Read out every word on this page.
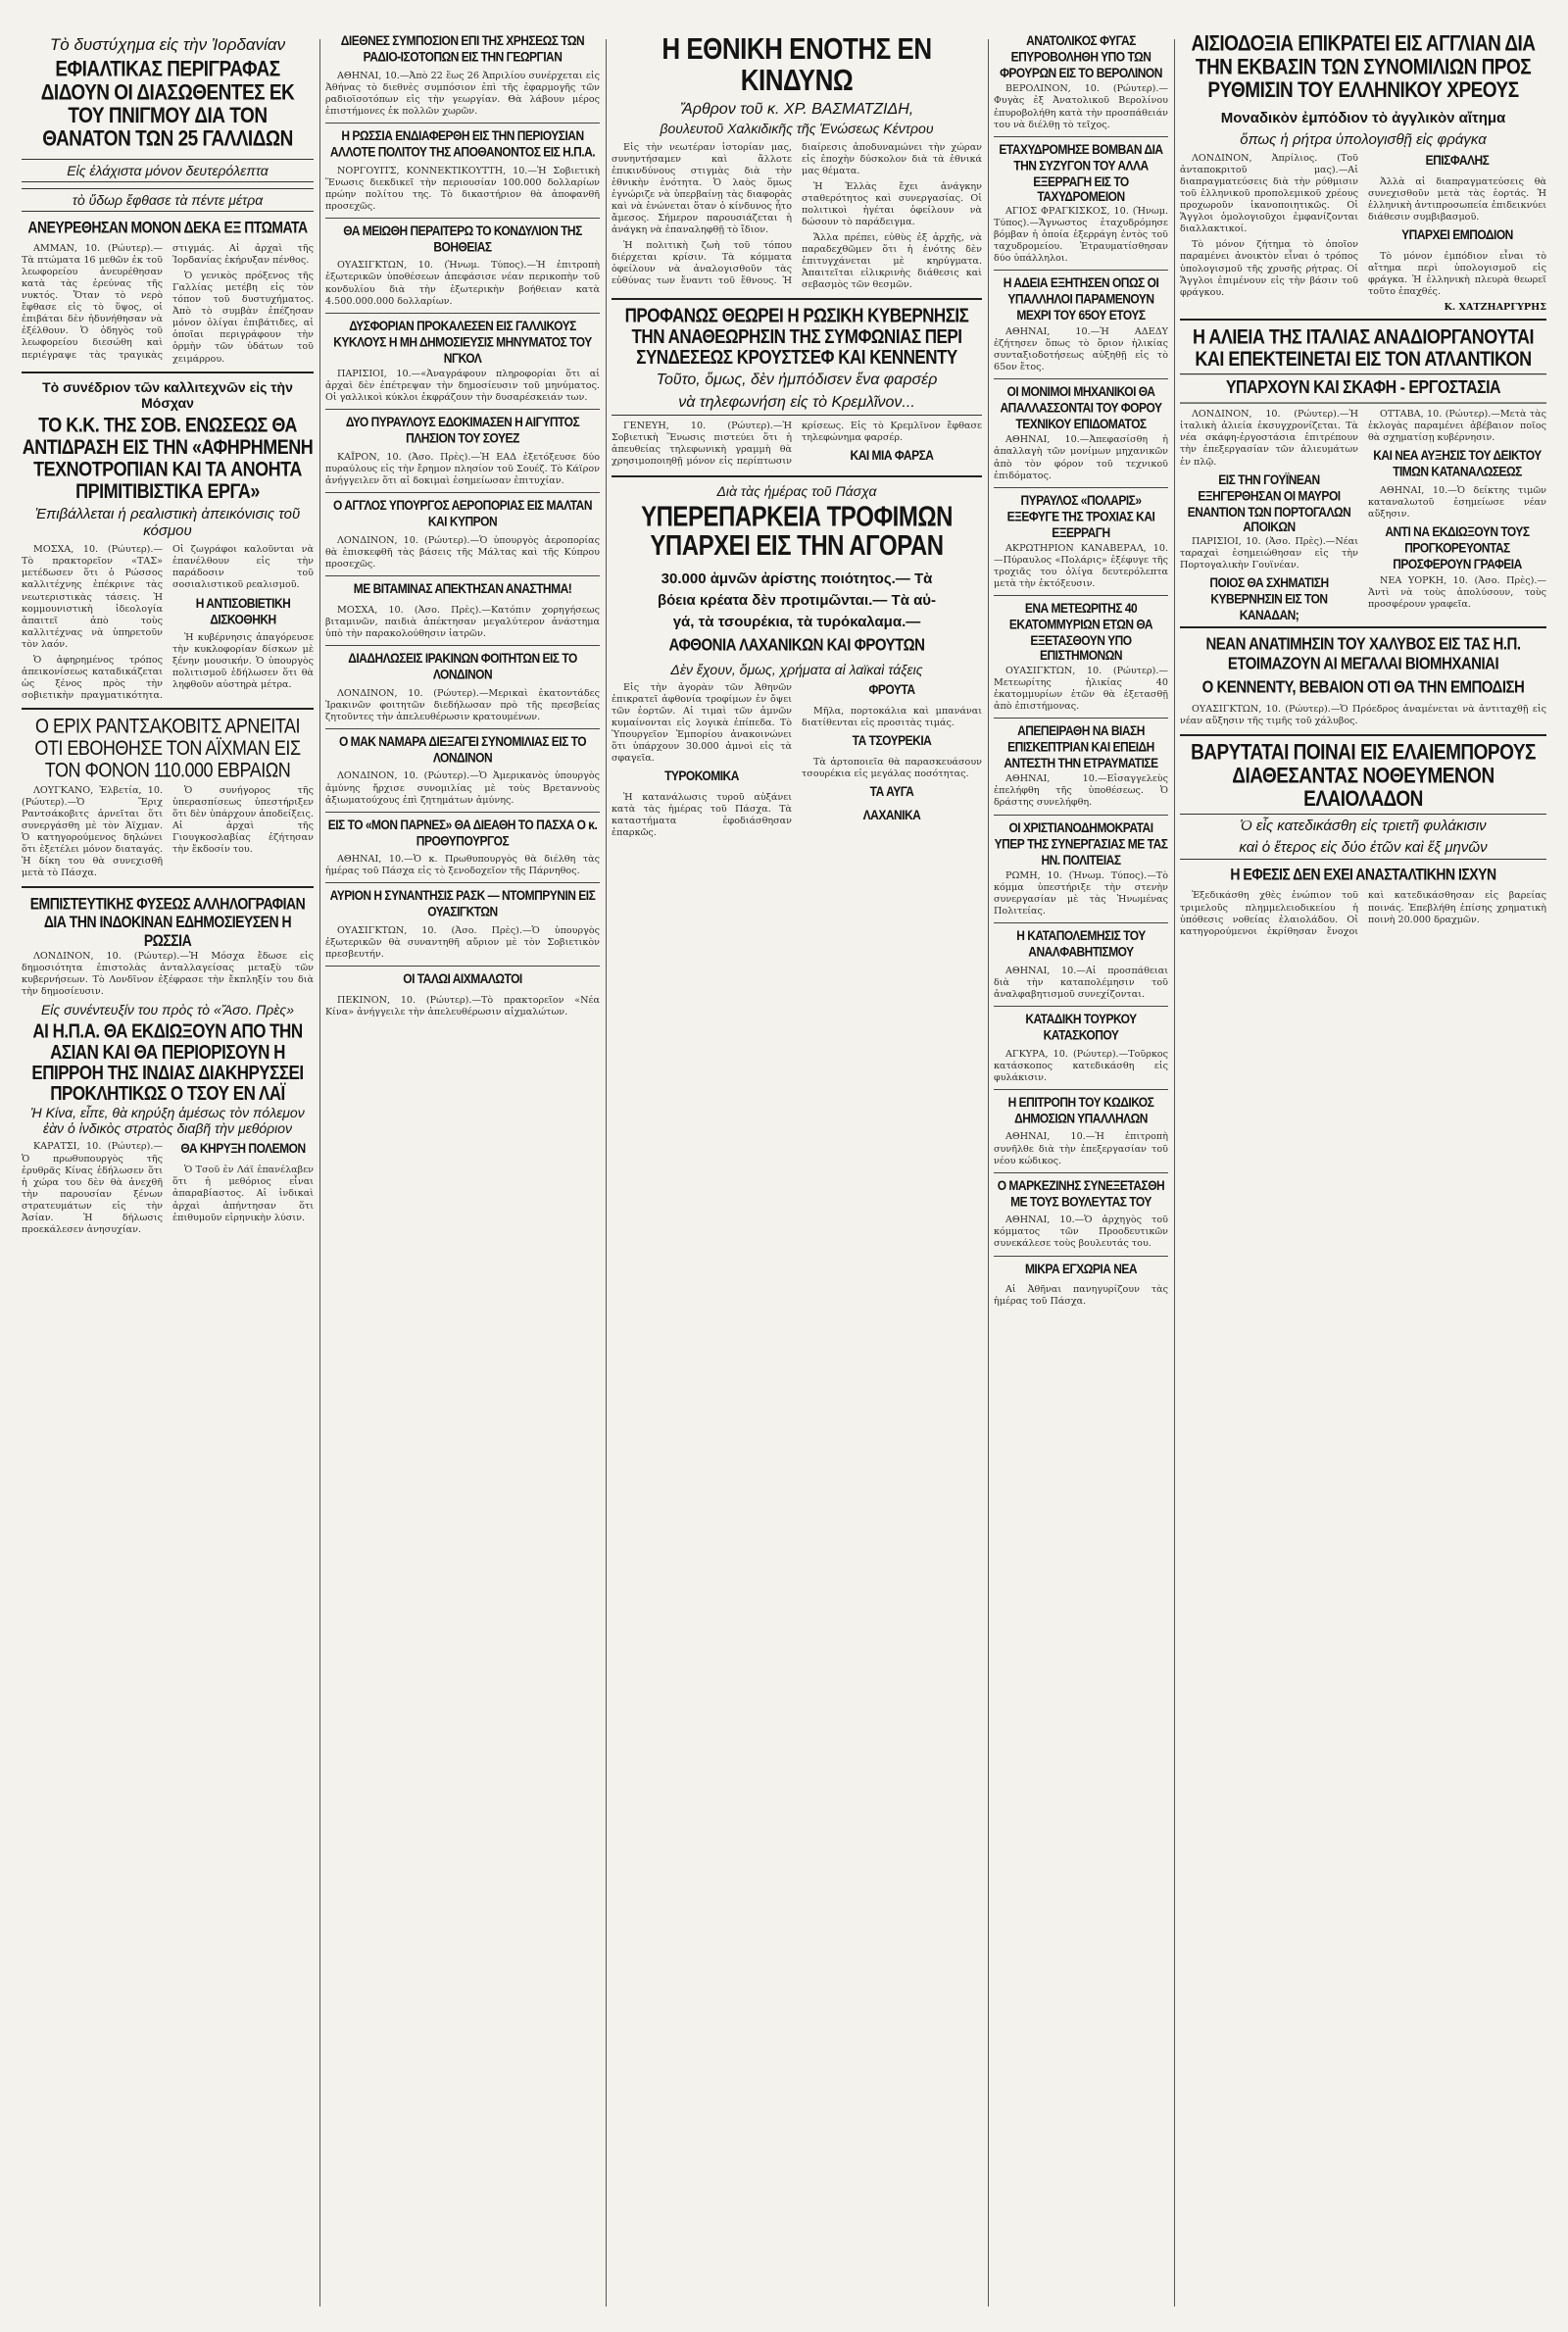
Τὸ δυστύχημα εἰς τὴν Ἰορδανίαν
ΕΦΙΑΛΤΙΚΑΣ ΠΕΡΙΓΡΑΦΑΣ ΔΙΔΟΥΝ ΟΙ ΔΙΑΣΩΘΕΝΤΕΣ ΕΚ ΤΟΥ ΠΝΙΓΜΟΥ ΔΙΑ ΤΟΝ ΘΑΝΑΤΟΝ ΤΩΝ 25 ΓΑΛΛΙΔΩΝ
Εἰς ἐλάχιστα μόνον δευτερόλεπτα
τὸ ὕδωρ ἔφθασε τὰ πέντε μέτρα
ΑΝΕΥΡΕΘΗΣΑΝ ΜΟΝΟΝ ΔΕΚΑ ΕΞ ΠΤΩΜΑΤΑ

ΑΜΜΑΝ, 10. (Ρώυτερ).—Τὰ πτώματα 16 μεθῶν ἐκ τοῦ λεωφορείου ἀνευρέθησαν κατὰ τὰς ἐρεύνας τῆς νυκτός. Ὅταν τὸ νερὸ ἔφθασε εἰς τὸ ὕψος, οἱ ἐπιβάται δὲν ἠδυνήθησαν νὰ ἐξέλθουν. Ὁ ὁδηγὸς τοῦ λεωφορείου διεσώθη καὶ περιέγραψε τὰς τραγικὰς στιγμάς. Αἱ ἀρχαὶ τῆς Ἰορδανίας ἐκήρυξαν πένθος.

Ὁ γενικὸς πρόξενος τῆς Γαλλίας μετέβη εἰς τὸν τόπον τοῦ δυστυχήματος. Ἀπὸ τὸ συμβὰν ἐπέζησαν μόνον ὀλίγαι ἐπιβάτιδες, αἱ ὁποῖαι περιγράφουν τὴν ὁρμὴν τῶν ὑδάτων τοῦ χειμάρρου.

Τὸ συνέδριον τῶν καλλιτεχνῶν εἰς τὴν Μόσχαν
ΤΟ Κ.Κ. ΤΗΣ ΣΟΒ. ΕΝΩΣΕΩΣ ΘΑ ΑΝΤΙΔΡΑΣΗ ΕΙΣ ΤΗΝ «ΑΦΗΡΗΜΕΝΗ ΤΕΧΝΟΤΡΟΠΙΑΝ ΚΑΙ ΤΑ ΑΝΟΗΤΑ ΠΡΙΜΙΤΙΒΙΣΤΙΚΑ ΕΡΓΑ»
Ἐπιβάλλεται ἡ ρεαλιστικὴ ἀπεικόνισις τοῦ κόσμου

ΜΟΣΧΑ, 10. (Ρώυτερ).— Τὸ πρακτορεῖον «ΤΑΣ» μετέδωσεν ὅτι ὁ Ρώσσος καλλιτέχνης ἐπέκρινε τὰς νεωτεριστικὰς τάσεις. Ἡ κομμουνιστικὴ ἰδεολογία ἀπαιτεῖ ἀπὸ τοὺς καλλιτέχνας νὰ ὑπηρετοῦν τὸν λαόν.

Ὁ ἀφηρημένος τρόπος ἀπεικονίσεως καταδικάζεται ὡς ξένος πρὸς τὴν σοβιετικὴν πραγματικότητα. Οἱ ζωγράφοι καλοῦνται νὰ ἐπανέλθουν εἰς τὴν παράδοσιν τοῦ σοσιαλιστικοῦ ρεαλισμοῦ.

Η ΑΝΤΙΣΟΒΙΕΤΙΚΗ ΔΙΣΚΟΘΗΚΗ

Ἡ κυβέρνησις ἀπαγόρευσε τὴν κυκλοφορίαν δίσκων μὲ ξένην μουσικήν. Ὁ ὑπουργὸς πολιτισμοῦ ἐδήλωσεν ὅτι θὰ ληφθοῦν αὐστηρὰ μέτρα.

Ο ΕΡΙΧ ΡΑΝΤΣΑΚΟΒΙΤΣ ΑΡΝΕΙΤΑΙ ΟΤΙ ΕΒΟΗΘΗΣΕ ΤΟΝ ΑΪΧΜΑΝ ΕΙΣ ΤΟΝ ΦΟΝΟΝ 110.000 ΕΒΡΑΙΩΝ

ΛΟΥΓΚΑΝΟ, Ἑλβετία, 10. (Ρώυτερ).—Ὁ Ἔριχ Ραντσάκοβιτς ἀρνεῖται ὅτι συνεργάσθη μὲ τὸν Ἀϊχμαν. Ὁ κατηγορούμενος δηλώνει ὅτι ἐξετέλει μόνον διαταγάς. Ἡ δίκη του θὰ συνεχισθῆ μετὰ τὸ Πάσχα.

Ὁ συνήγορος τῆς ὑπερασπίσεως ὑπεστήριξεν ὅτι δὲν ὑπάρχουν ἀποδείξεις. Αἱ ἀρχαὶ τῆς Γιουγκοσλαβίας ἐζήτησαν τὴν ἔκδοσίν του.

ΕΜΠΙΣΤΕΥΤΙΚΗΣ ΦΥΣΕΩΣ ΑΛΛΗΛΟΓΡΑΦΙΑΝ ΔΙΑ ΤΗΝ ΙΝΔΟΚΙΝΑΝ ΕΔΗΜΟΣΙΕΥΣΕΝ Η ΡΩΣΣΙΑ

ΛΟΝΔΙΝΟΝ, 10. (Ρώυτερ).—Ἡ Μόσχα ἔδωσε εἰς δημοσιότητα ἐπιστολὰς ἀνταλλαγείσας μεταξὺ τῶν κυβερνήσεων. Τὸ Λονδῖνον ἐξέφρασε τὴν ἔκπληξίν του διὰ τὴν δημοσίευσιν.

Εἰς συνέντευξίν του πρὸς τὸ «Ἄσο. Πρὲς»
ΑΙ Η.Π.Α. ΘΑ ΕΚΔΙΩΞΟΥΝ ΑΠΟ ΤΗΝ ΑΣΙΑΝ ΚΑΙ ΘΑ ΠΕΡΙΟΡΙΣΟΥΝ Η ΕΠΙΡΡΟΗ ΤΗΣ ΙΝΔΙΑΣ ΔΙΑΚΗΡΥΣΣΕΙ ΠΡΟΚΛΗΤΙΚΩΣ Ο ΤΣΟΥ ΕΝ ΛΑΪ
Ἡ Κίνα, εἶπε, θὰ κηρύξη ἀμέσως τὸν πόλεμον ἐὰν ὁ ἰνδικὸς στρατὸς διαβῆ τὴν μεθόριον

ΚΑΡΑΤΣΙ, 10. (Ρώυτερ).—Ὁ πρωθυπουργὸς τῆς ἐρυθρᾶς Κίνας ἐδήλωσεν ὅτι ἡ χώρα του δὲν θὰ ἀνεχθῆ τὴν παρουσίαν ξένων στρατευμάτων εἰς τὴν Ἀσίαν. Ἡ δήλωσις προεκάλεσεν ἀνησυχίαν.

ΘΑ ΚΗΡΥΞΗ ΠΟΛΕΜΟΝ

Ὁ Τσοῦ ἐν Λάϊ ἐπανέλαβεν ὅτι ἡ μεθόριος εἶναι ἀπαραβίαστος. Αἱ ἰνδικαὶ ἀρχαὶ ἀπήντησαν ὅτι ἐπιθυμοῦν εἰρηνικὴν λύσιν.

ΔΙΕΘΝΕΣ ΣΥΜΠΟΣΙΟΝ ΕΠΙ ΤΗΣ ΧΡΗΣΕΩΣ ΤΩΝ ΡΑΔΙΟ-ΙΣΟΤΟΠΩΝ ΕΙΣ ΤΗΝ ΓΕΩΡΓΙΑΝ

ΑΘΗΝΑΙ, 10.—Ἀπὸ 22 ἕως 26 Ἀπριλίου συνέρχεται εἰς Ἀθήνας τὸ διεθνὲς συμπόσιον ἐπὶ τῆς ἐφαρμογῆς τῶν ραδιοϊσοτόπων εἰς τὴν γεωργίαν. Θὰ λάβουν μέρος ἐπιστήμονες ἐκ πολλῶν χωρῶν.

Η ΡΩΣΣΙΑ ΕΝΔΙΑΦΕΡΘΗ ΕΙΣ ΤΗΝ ΠΕΡΙΟΥΣΙΑΝ ΑΛΛΟΤΕ ΠΟΛΙΤΟΥ ΤΗΣ ΑΠΟΘΑΝΟΝΤΟΣ ΕΙΣ Η.Π.Α.

ΝΟΡΓΟΥΙΤΣ, ΚΟΝΝΕΚΤΙΚΟΥΤΤΗ, 10.—Ἡ Σοβιετικὴ Ἕνωσις διεκδικεῖ τὴν περιουσίαν 100.000 δολλαρίων πρώην πολίτου της. Τὸ δικαστήριον θὰ ἀποφανθῆ προσεχῶς.

ΘΑ ΜΕΙΩΘΗ ΠΕΡΑΙΤΕΡΩ ΤΟ ΚΟΝΔΥΛΙΟΝ ΤΗΣ ΒΟΗΘΕΙΑΣ

ΟΥΑΣΙΓΚΤΩΝ, 10. (Ἡνωμ. Τύπος).—Ἡ ἐπιτροπὴ ἐξωτερικῶν ὑποθέσεων ἀπεφάσισε νέαν περικοπὴν τοῦ κονδυλίου διὰ τὴν ἐξωτερικὴν βοήθειαν κατὰ 4.500.000.000 δολλαρίων.

ΔΥΣΦΟΡΙΑΝ ΠΡΟΚΑΛΕΣΕΝ ΕΙΣ ΓΑΛΛΙΚΟΥΣ ΚΥΚΛΟΥΣ Η ΜΗ ΔΗΜΟΣΙΕΥΣΙΣ ΜΗΝΥΜΑΤΟΣ ΤΟΥ ΝΓΚΟΛ

ΠΑΡΙΣΙΟΙ, 10.—«Ἀναγράφουν πληροφορίαι ὅτι αἱ ἀρχαὶ δὲν ἐπέτρεψαν τὴν δημοσίευσιν τοῦ μηνύματος. Οἱ γαλλικοὶ κύκλοι ἐκφράζουν τὴν δυσαρέσκειάν των.

ΔΥΟ ΠΥΡΑΥΛΟΥΣ ΕΔΟΚΙΜΑΣΕΝ Η ΑΙΓΥΠΤΟΣ ΠΛΗΣΙΟΝ ΤΟΥ ΣΟΥΕΖ

ΚΑΪΡΟΝ, 10. (Ἀσο. Πρὲς).—Ἡ ΕΑΔ ἐξετόξευσε δύο πυραύλους εἰς τὴν ἔρημον πλησίον τοῦ Σουέζ. Τὸ Κάϊρον ἀνήγγειλεν ὅτι αἱ δοκιμαὶ ἐσημείωσαν ἐπιτυχίαν.

Ο ΑΓΓΛΟΣ ΥΠΟΥΡΓΟΣ ΑΕΡΟΠΟΡΙΑΣ ΕΙΣ ΜΑΛΤΑΝ ΚΑΙ ΚΥΠΡΟΝ

ΛΟΝΔΙΝΟΝ, 10. (Ρώυτερ).—Ὁ ὑπουργὸς ἀεροπορίας θὰ ἐπισκεφθῆ τὰς βάσεις τῆς Μάλτας καὶ τῆς Κύπρου προσεχῶς.

ΜΕ ΒΙΤΑΜΙΝΑΣ ΑΠΕΚΤΗΣΑΝ ΑΝΑΣΤΗΜΑ!

ΜΟΣΧΑ, 10. (Ἀσο. Πρὲς).—Κατόπιν χορηγήσεως βιταμινῶν, παιδιὰ ἀπέκτησαν μεγαλύτερον ἀνάστημα ὑπὸ τὴν παρακολούθησιν ἰατρῶν.

ΔΙΑΔΗΛΩΣΕΙΣ ΙΡΑΚΙΝΩΝ ΦΟΙΤΗΤΩΝ ΕΙΣ ΤΟ ΛΟΝΔΙΝΟΝ

ΛΟΝΔΙΝΟΝ, 10. (Ρώυτερ).—Μερικαὶ ἑκατοντάδες Ἰρακινῶν φοιτητῶν διεδήλωσαν πρὸ τῆς πρεσβείας ζητοῦντες τὴν ἀπελευθέρωσιν κρατουμένων.

Ο ΜΑΚ ΝΑΜΑΡΑ ΔΙΕΞΑΓΕΙ ΣΥΝΟΜΙΛΙΑΣ ΕΙΣ ΤΟ ΛΟΝΔΙΝΟΝ

ΛΟΝΔΙΝΟΝ, 10. (Ρώυτερ).—Ὁ Ἀμερικανὸς ὑπουργὸς ἀμύνης ἤρχισε συνομιλίας μὲ τοὺς Βρεταννοὺς ἀξιωματούχους ἐπὶ ζητημάτων ἀμύνης.

ΕΙΣ ΤΟ «ΜΟΝ ΠΑΡΝΕΣ» ΘΑ ΔΙΕΑΘΗ ΤΟ ΠΑΣΧΑ Ο κ. ΠΡΟΘΥΠΟΥΡΓΟΣ

ΑΘΗΝΑΙ, 10.—Ὁ κ. Πρωθυπουργὸς θὰ διέλθη τὰς ἡμέρας τοῦ Πάσχα εἰς τὸ ξενοδοχεῖον τῆς Πάρνηθος.

ΑΥΡΙΟΝ Η ΣΥΝΑΝΤΗΣΙΣ ΡΑΣΚ — ΝΤΟΜΠΡΥΝΙΝ ΕΙΣ ΟΥΑΣΙΓΚΤΩΝ

ΟΥΑΣΙΓΚΤΩΝ, 10. (Ἀσο. Πρὲς).—Ὁ ὑπουργὸς ἐξωτερικῶν θὰ συναντηθῆ αὔριον μὲ τὸν Σοβιετικὸν πρεσβευτήν.

ΟΙ ΤΑΛΩΙ ΑΙΧΜΑΛΩΤΟΙ

ΠΕΚΙΝΟΝ, 10. (Ρώυτερ).—Τὸ πρακτορεῖον «Νέα Κίνα» ἀνήγγειλε τὴν ἀπελευθέρωσιν αἰχμαλώτων.

Η ΕΘΝΙΚΗ ΕΝΟΤΗΣ ΕΝ ΚΙΝΔΥΝΩ
Ἄρθρον τοῦ κ. ΧΡ. ΒΑΣΜΑΤΖΙΔΗ,
βουλευτοῦ Χαλκιδικῆς τῆς Ἑνώσεως Κέντρου

Εἰς τὴν νεωτέραν ἱστορίαν μας, συνηντήσαμεν καὶ ἄλλοτε ἐπικινδύνους στιγμὰς διὰ τὴν ἐθνικὴν ἑνότητα. Ὁ λαὸς ὅμως ἐγνώριζε νὰ ὑπερβαίνῃ τὰς διαφορὰς καὶ νὰ ἑνώνεται ὅταν ὁ κίνδυνος ἦτο ἄμεσος. Σήμερον παρουσιάζεται ἡ ἀνάγκη νὰ ἐπαναληφθῇ τὸ ἴδιον.

Ἡ πολιτικὴ ζωὴ τοῦ τόπου διέρχεται κρίσιν. Τὰ κόμματα ὀφείλουν νὰ ἀναλογισθοῦν τὰς εὐθύνας των ἔναντι τοῦ ἔθνους. Ἡ διαίρεσις ἀποδυναμώνει τὴν χώραν εἰς ἐποχὴν δύσκολον διὰ τὰ ἐθνικά μας θέματα.

Ἡ Ἑλλὰς ἔχει ἀνάγκην σταθερότητος καὶ συνεργασίας. Οἱ πολιτικοὶ ἡγέται ὀφείλουν νὰ δώσουν τὸ παράδειγμα.

Ἄλλα πρέπει, εὐθὺς ἐξ ἀρχῆς, νὰ παραδεχθῶμεν ὅτι ἡ ἑνότης δὲν ἐπιτυγχάνεται μὲ κηρύγματα. Ἀπαιτεῖται εἰλικρινὴς διάθεσις καὶ σεβασμὸς τῶν θεσμῶν.

ΠΡΟΦΑΝΩΣ ΘΕΩΡΕΙ Η ΡΩΣΙΚΗ ΚΥΒΕΡΝΗΣΙΣ ΤΗΝ ΑΝΑΘΕΩΡΗΣΙΝ ΤΗΣ ΣΥΜΦΩΝΙΑΣ ΠΕΡΙ ΣΥΝΔΕΣΕΩΣ ΚΡΟΥΣΤΣΕΦ ΚΑΙ ΚΕΝΝΕΝΤΥ
Τοῦτο, ὅμως, δὲν ἠμπόδισεν ἕνα φαρσέρ
νὰ τηλεφωνήση εἰς τὸ Κρεμλῖνον...

ΓΕΝΕΥΗ, 10. (Ρώυτερ).—Ἡ Σοβιετικὴ Ἕνωσις πιστεύει ὅτι ἡ ἀπευθείας τηλεφωνικὴ γραμμὴ θὰ χρησιμοποιηθῇ μόνον εἰς περίπτωσιν κρίσεως. Εἰς τὸ Κρεμλῖνον ἔφθασε τηλεφώνημα φαρσέρ.

ΚΑΙ ΜΙΑ ΦΑΡΣΑ
Διὰ τὰς ἡμέρας τοῦ Πάσχα
ΥΠΕΡΕΠΑΡΚΕΙΑ ΤΡΟΦΙΜΩΝ ΥΠΑΡΧΕΙ ΕΙΣ ΤΗΝ ΑΓΟΡΑΝ
30.000 ἀμνῶν ἀρίστης ποιότητος.— Τὰ
βόεια κρέατα δὲν προτιμῶνται.— Τὰ αὐ-
γά, τὰ τσουρέκια, τὰ τυρόκαλαμα.—
ΑΦΘΟΝΙΑ ΛΑΧΑΝΙΚΩΝ ΚΑΙ ΦΡΟΥΤΩΝ
Δὲν ἔχουν, ὅμως, χρήματα αἱ λαϊκαὶ τάξεις

Εἰς τὴν ἀγορὰν τῶν Ἀθηνῶν ἐπικρατεῖ ἀφθονία τροφίμων ἐν ὄψει τῶν ἑορτῶν. Αἱ τιμαὶ τῶν ἀμνῶν κυμαίνονται εἰς λογικὰ ἐπίπεδα. Τὸ Ὑπουργεῖον Ἐμπορίου ἀνακοινώνει ὅτι ὑπάρχουν 30.000 ἀμνοὶ εἰς τὰ σφαγεῖα.

ΤΥΡΟΚΟΜΙΚΑ

Ἡ κατανάλωσις τυροῦ αὐξάνει κατὰ τὰς ἡμέρας τοῦ Πάσχα. Τὰ καταστήματα ἐφοδιάσθησαν ἐπαρκῶς.

ΦΡΟΥΤΑ

Μῆλα, πορτοκάλια καὶ μπανάναι διατίθενται εἰς προσιτὰς τιμάς.

ΤΑ ΤΣΟΥΡΕΚΙΑ

Τὰ ἀρτοποιεῖα θὰ παρασκευάσουν τσουρέκια εἰς μεγάλας ποσότητας.

ΤΑ ΑΥΓΑ
ΛΑΧΑΝΙΚΑ
ΑΝΑΤΟΛΙΚΟΣ ΦΥΓΑΣ ΕΠΥΡΟΒΟΛΗΘΗ ΥΠΟ ΤΩΝ ΦΡΟΥΡΩΝ ΕΙΣ ΤΟ ΒΕΡΟΛΙΝΟΝ

ΒΕΡΟΛΙΝΟΝ, 10. (Ρώυτερ).—Φυγὰς ἐξ Ἀνατολικοῦ Βερολίνου ἐπυροβολήθη κατὰ τὴν προσπάθειάν του νὰ διέλθῃ τὸ τεῖχος.

ΕΤΑΧΥΔΡΟΜΗΣΕ ΒΟΜΒΑΝ ΔΙΑ ΤΗΝ ΣΥΖΥΓΟΝ ΤΟΥ ΑΛΛΑ ΕΞΕΡΡΑΓΗ ΕΙΣ ΤΟ ΤΑΧΥΔΡΟΜΕΙΟΝ

ΑΓΙΟΣ ΦΡΑΓΚΙΣΚΟΣ, 10. (Ἡνωμ. Τύπος).—Ἄγνωστος ἐταχυδρόμησε βόμβαν ἡ ὁποία ἐξερράγη ἐντὸς τοῦ ταχυδρομείου. Ἐτραυματίσθησαν δύο ὑπάλληλοι.

Η ΑΔΕΙΑ ΕΞΗΤΗΣΕΝ ΟΠΩΣ ΟΙ ΥΠΑΛΛΗΛΟΙ ΠΑΡΑΜΕΝΟΥΝ ΜΕΧΡΙ ΤΟΥ 65ΟΥ ΕΤΟΥΣ

ΑΘΗΝΑΙ, 10.—Ἡ ΑΔΕΔΥ ἐζήτησεν ὅπως τὸ ὅριον ἡλικίας συνταξιοδοτήσεως αὐξηθῇ εἰς τὸ 65ον ἔτος.

ΟΙ ΜΟΝΙΜΟΙ ΜΗΧΑΝΙΚΟΙ ΘΑ ΑΠΑΛΛΑΣΣΟΝΤΑΙ ΤΟΥ ΦΟΡΟΥ ΤΕΧΝΙΚΟΥ ΕΠΙΔΟΜΑΤΟΣ

ΑΘΗΝΑΙ, 10.—Ἀπεφασίσθη ἡ ἀπαλλαγὴ τῶν μονίμων μηχανικῶν ἀπὸ τὸν φόρον τοῦ τεχνικοῦ ἐπιδόματος.

ΠΥΡΑΥΛΟΣ «ΠΟΛΑΡΙΣ» ΕΞΕΦΥΓΕ ΤΗΣ ΤΡΟΧΙΑΣ ΚΑΙ ΕΞΕΡΡΑΓΗ

ΑΚΡΩΤΗΡΙΟΝ ΚΑΝΑΒΕΡΑΛ, 10.—Πύραυλος «Πολάρις» ἐξέφυγε τῆς τροχιᾶς του ὀλίγα δευτερόλεπτα μετὰ τὴν ἐκτόξευσιν.

ΕΝΑ ΜΕΤΕΩΡΙΤΗΣ 40 ΕΚΑΤΟΜΜΥΡΙΩΝ ΕΤΩΝ ΘΑ ΕΞΕΤΑΣΘΟΥΝ ΥΠΟ ΕΠΙΣΤΗΜΟΝΩΝ

ΟΥΑΣΙΓΚΤΩΝ, 10. (Ρώυτερ).—Μετεωρίτης ἡλικίας 40 ἑκατομμυρίων ἐτῶν θὰ ἐξετασθῇ ἀπὸ ἐπιστήμονας.

ΑΠΕΠΕΙΡΑΘΗ ΝΑ ΒΙΑΣΗ ΕΠΙΣΚΕΠΤΡΙΑΝ ΚΑΙ ΕΠΕΙΔΗ ΑΝΤΕΣΤΗ ΤΗΝ ΕΤΡΑΥΜΑΤΙΣΕ

ΑΘΗΝΑΙ, 10.—Εἰσαγγελεὺς ἐπελήφθη τῆς ὑποθέσεως. Ὁ δράστης συνελήφθη.

ΟΙ ΧΡΙΣΤΙΑΝΟΔΗΜΟΚΡΑΤΑΙ ΥΠΕΡ ΤΗΣ ΣΥΝΕΡΓΑΣΙΑΣ ΜΕ ΤΑΣ ΗΝ. ΠΟΛΙΤΕΙΑΣ

ΡΩΜΗ, 10. (Ἡνωμ. Τύπος).—Τὸ κόμμα ὑπεστήριξε τὴν στενὴν συνεργασίαν μὲ τὰς Ἡνωμένας Πολιτείας.

Η ΚΑΤΑΠΟΛΕΜΗΣΙΣ ΤΟΥ ΑΝΑΛΦΑΒΗΤΙΣΜΟΥ

ΑΘΗΝΑΙ, 10.—Αἱ προσπάθειαι διὰ τὴν καταπολέμησιν τοῦ ἀναλφαβητισμοῦ συνεχίζονται.

ΚΑΤΑΔΙΚΗ ΤΟΥΡΚΟΥ ΚΑΤΑΣΚΟΠΟΥ

ΑΓΚΥΡΑ, 10. (Ρώυτερ).—Τοῦρκος κατάσκοπος κατεδικάσθη εἰς φυλάκισιν.

Η ΕΠΙΤΡΟΠΗ ΤΟΥ ΚΩΔΙΚΟΣ ΔΗΜΟΣΙΩΝ ΥΠΑΛΛΗΛΩΝ

ΑΘΗΝΑΙ, 10.—Ἡ ἐπιτροπὴ συνῆλθε διὰ τὴν ἐπεξεργασίαν τοῦ νέου κώδικος.

Ο ΜΑΡΚΕΖΙΝΗΣ ΣΥΝΕΞΕΤΑΣΘΗ ΜΕ ΤΟΥΣ ΒΟΥΛΕΥΤΑΣ ΤΟΥ

ΑΘΗΝΑΙ, 10.—Ὁ ἀρχηγὸς τοῦ κόμματος τῶν Προοδευτικῶν συνεκάλεσε τοὺς βουλευτάς του.

ΜΙΚΡΑ ΕΓΧΩΡΙΑ ΝΕΑ

Αἱ Ἀθῆναι πανηγυρίζουν τὰς ἡμέρας τοῦ Πάσχα.

ΑΙΣΙΟΔΟΞΙΑ ΕΠΙΚΡΑΤΕΙ ΕΙΣ ΑΓΓΛΙΑΝ ΔΙΑ ΤΗΝ ΕΚΒΑΣΙΝ ΤΩΝ ΣΥΝΟΜΙΛΙΩΝ ΠΡΟΣ ΡΥΘΜΙΣΙΝ ΤΟΥ ΕΛΛΗΝΙΚΟΥ ΧΡΕΟΥΣ
Μοναδικὸν ἐμπόδιον τὸ ἀγγλικὸν αἴτημα
ὅπως ἡ ρήτρα ὑπολογισθῇ εἰς φράγκα

ΛΟΝΔΙΝΟΝ, Ἀπρίλιος. (Τοῦ ἀνταποκριτοῦ μας).—Αἱ διαπραγματεύσεις διὰ τὴν ρύθμισιν τοῦ ἑλληνικοῦ προπολεμικοῦ χρέους προχωροῦν ἱκανοποιητικῶς. Οἱ Ἄγγλοι ὁμολογιοῦχοι ἐμφανίζονται διαλλακτικοί.

Τὸ μόνον ζήτημα τὸ ὁποῖον παραμένει ἀνοικτὸν εἶναι ὁ τρόπος ὑπολογισμοῦ τῆς χρυσῆς ρήτρας. Οἱ Ἄγγλοι ἐπιμένουν εἰς τὴν βάσιν τοῦ φράγκου.

ΕΠΙΣΦΑΛΗΣ

Ἀλλὰ αἱ διαπραγματεύσεις θὰ συνεχισθοῦν μετὰ τὰς ἑορτάς. Ἡ ἑλληνικὴ ἀντιπροσωπεία ἐπιδεικνύει διάθεσιν συμβιβασμοῦ.

ΥΠΑΡΧΕΙ ΕΜΠΟΔΙΟΝ

Τὸ μόνον ἐμπόδιον εἶναι τὸ αἴτημα περὶ ὑπολογισμοῦ εἰς φράγκα. Ἡ ἑλληνικὴ πλευρὰ θεωρεῖ τοῦτο ἐπαχθές.

Κ. ΧΑΤΖΗΑΡΓΥΡΗΣ
Η ΑΛΙΕΙΑ ΤΗΣ ΙΤΑΛΙΑΣ ΑΝΑΔΙΟΡΓΑΝΟΥΤΑΙ ΚΑΙ ΕΠΕΚΤΕΙΝΕΤΑΙ ΕΙΣ ΤΟΝ ΑΤΛΑΝΤΙΚΟΝ
ΥΠΑΡΧΟΥΝ ΚΑΙ ΣΚΑΦΗ - ΕΡΓΟΣΤΑΣΙΑ

ΛΟΝΔΙΝΟΝ, 10. (Ρώυτερ).—Ἡ ἰταλικὴ ἁλιεία ἐκσυγχρονίζεται. Τὰ νέα σκάφη-ἐργοστάσια ἐπιτρέπουν τὴν ἐπεξεργασίαν τῶν ἁλιευμάτων ἐν πλῷ.

ΕΙΣ ΤΗΝ ΓΟΥΪΝΕΑΝ ΕΞΗΓΕΡΘΗΣΑΝ ΟΙ ΜΑΥΡΟΙ ΕΝΑΝΤΙΟΝ ΤΩΝ ΠΟΡΤΟΓΑΛΩΝ ΑΠΟΙΚΩΝ

ΠΑΡΙΣΙΟΙ, 10. (Ἀσο. Πρὲς).—Νέαι ταραχαὶ ἐσημειώθησαν εἰς τὴν Πορτογαλικὴν Γουϊνέαν.

ΠΟΙΟΣ ΘΑ ΣΧΗΜΑΤΙΣΗ ΚΥΒΕΡΝΗΣΙΝ ΕΙΣ ΤΟΝ ΚΑΝΑΔΑΝ;

ΟΤΤΑΒΑ, 10. (Ρώυτερ).—Μετὰ τὰς ἐκλογὰς παραμένει ἀβέβαιον ποῖος θὰ σχηματίσῃ κυβέρνησιν.

ΚΑΙ ΝΕΑ ΑΥΞΗΣΙΣ ΤΟΥ ΔΕΙΚΤΟΥ ΤΙΜΩΝ ΚΑΤΑΝΑΛΩΣΕΩΣ

ΑΘΗΝΑΙ, 10.—Ὁ δείκτης τιμῶν καταναλωτοῦ ἐσημείωσε νέαν αὔξησιν.

ΑΝΤΙ ΝΑ ΕΚΔΙΩΞΟΥΝ ΤΟΥΣ ΠΡΟΓΚΟΡΕΥΟΝΤΑΣ ΠΡΟΣΦΕΡΟΥΝ ΓΡΑΦΕΙΑ

ΝΕΑ ΥΟΡΚΗ, 10. (Ἀσο. Πρὲς).—Ἀντὶ νὰ τοὺς ἀπολύσουν, τοὺς προσφέρουν γραφεῖα.

ΝΕΑΝ ΑΝΑΤΙΜΗΣΙΝ ΤΟΥ ΧΑΛΥΒΟΣ ΕΙΣ ΤΑΣ Η.Π. ΕΤΟΙΜΑΖΟΥΝ ΑΙ ΜΕΓΑΛΑΙ ΒΙΟΜΗΧΑΝΙΑΙ
Ο ΚΕΝΝΕΝΤΥ, ΒΕΒΑΙΟΝ ΟΤΙ ΘΑ ΤΗΝ ΕΜΠΟΔΙΣΗ

ΟΥΑΣΙΓΚΤΩΝ, 10. (Ρώυτερ).—Ὁ Πρόεδρος ἀναμένεται νὰ ἀντιταχθῇ εἰς νέαν αὔξησιν τῆς τιμῆς τοῦ χάλυβος.

ΒΑΡΥΤΑΤΑΙ ΠΟΙΝΑΙ ΕΙΣ ΕΛΑΙΕΜΠΟΡΟΥΣ ΔΙΑΘΕΣΑΝΤΑΣ ΝΟΘΕΥΜΕΝΟΝ ΕΛΑΙΟΛΑΔΟΝ
Ὁ εἷς κατεδικάσθη εἰς τριετῆ φυλάκισιν
καὶ ὁ ἕτερος εἰς δύο ἐτῶν καὶ ἕξ μηνῶν
Η ΕΦΕΣΙΣ ΔΕΝ ΕΧΕΙ ΑΝΑΣΤΑΛΤΙΚΗΝ ΙΣΧΥΝ

Ἐξεδικάσθη χθὲς ἐνώπιον τοῦ τριμελοῦς πλημμελειοδικείου ἡ ὑπόθεσις νοθείας ἐλαιολάδου. Οἱ κατηγορούμενοι ἐκρίθησαν ἔνοχοι καὶ κατεδικάσθησαν εἰς βαρείας ποινάς. Ἐπεβλήθη ἐπίσης χρηματικὴ ποινὴ 20.000 δραχμῶν.
